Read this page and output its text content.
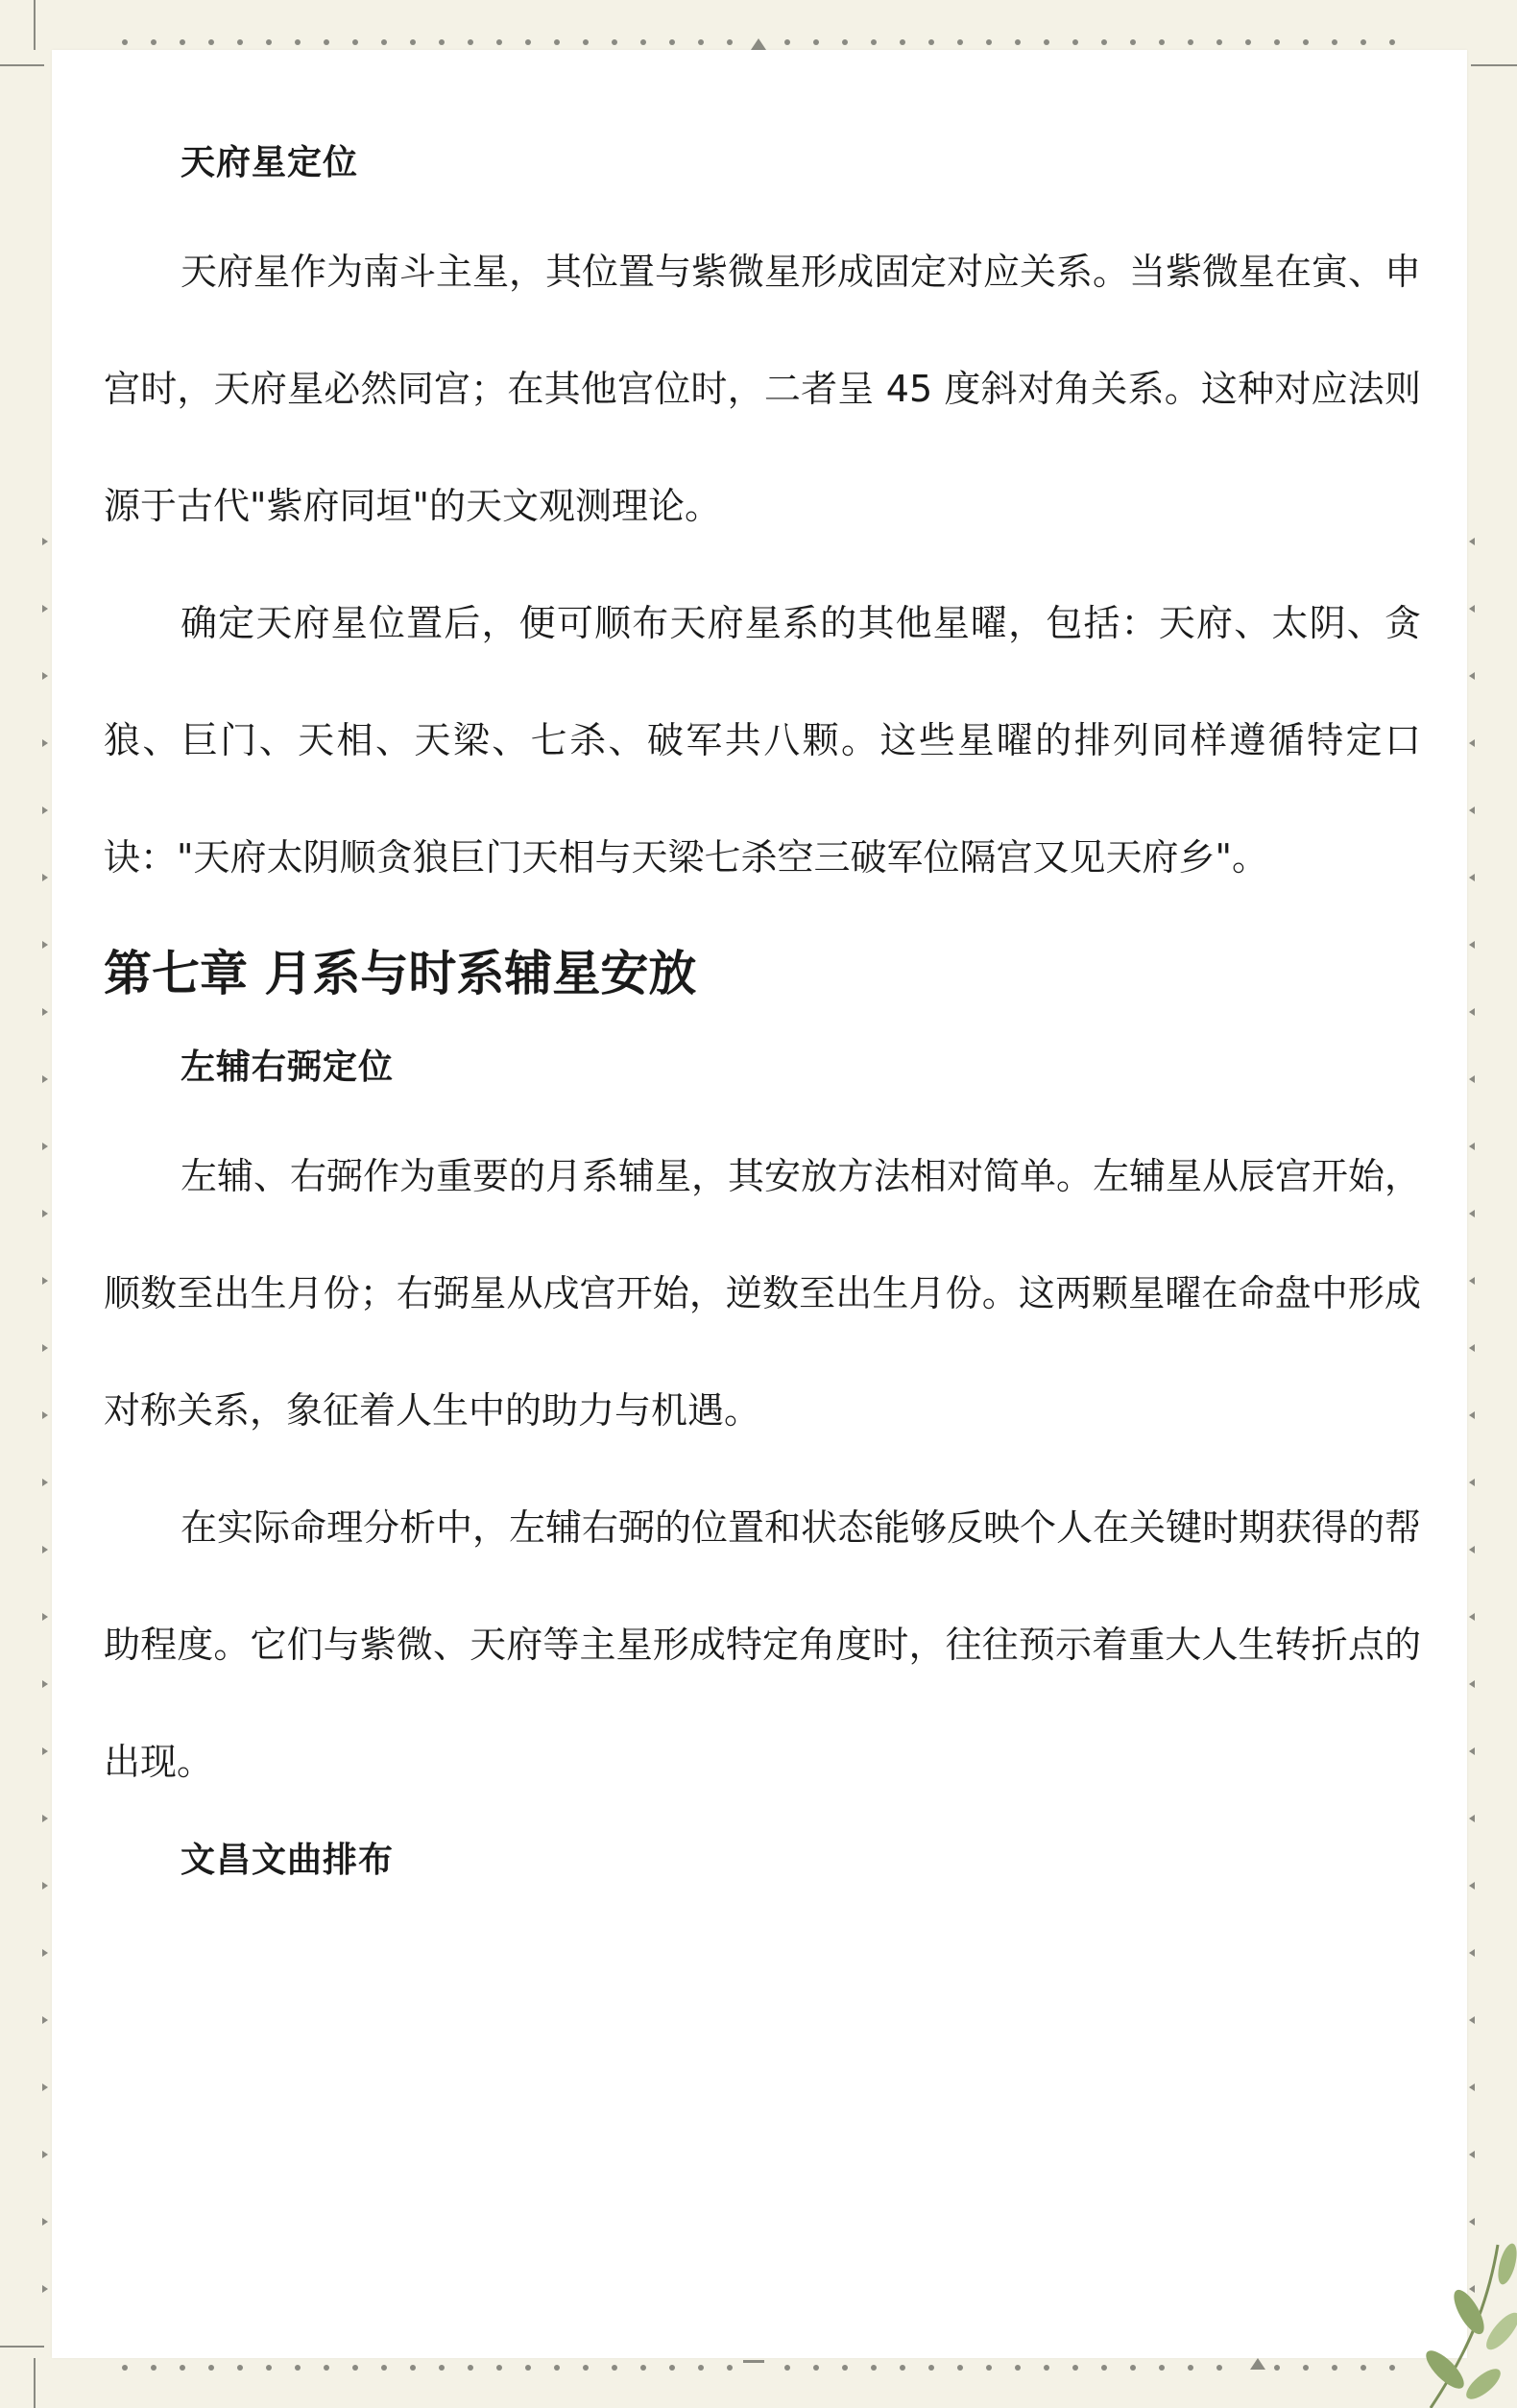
天府星定位

天府星作为南斗主星，其位置与紫微星形成固定对应关系。当紫微星在寅、申宫时，天府星必然同宫；在其他宫位时，二者呈 45 度斜对角关系。这种对应法则源于古代"紫府同垣"的天文观测理论。

确定天府星位置后，便可顺布天府星系的其他星曜，包括：天府、太阴、贪狼、巨门、天相、天梁、七杀、破军共八颗。这些星曜的排列同样遵循特定口诀："天府太阴顺贪狼巨门天相与天梁七杀空三破军位隔宫又见天府乡"。

第七章 月系与时系辅星安放
左辅右弼定位

左辅、右弼作为重要的月系辅星，其安放方法相对简单。左辅星从辰宫开始，顺数至出生月份；右弼星从戌宫开始，逆数至出生月份。这两颗星曜在命盘中形成对称关系，象征着人生中的助力与机遇。

在实际命理分析中，左辅右弼的位置和状态能够反映个人在关键时期获得的帮助程度。它们与紫微、天府等主星形成特定角度时，往往预示着重大人生转折点的出现。

文昌文曲排布
